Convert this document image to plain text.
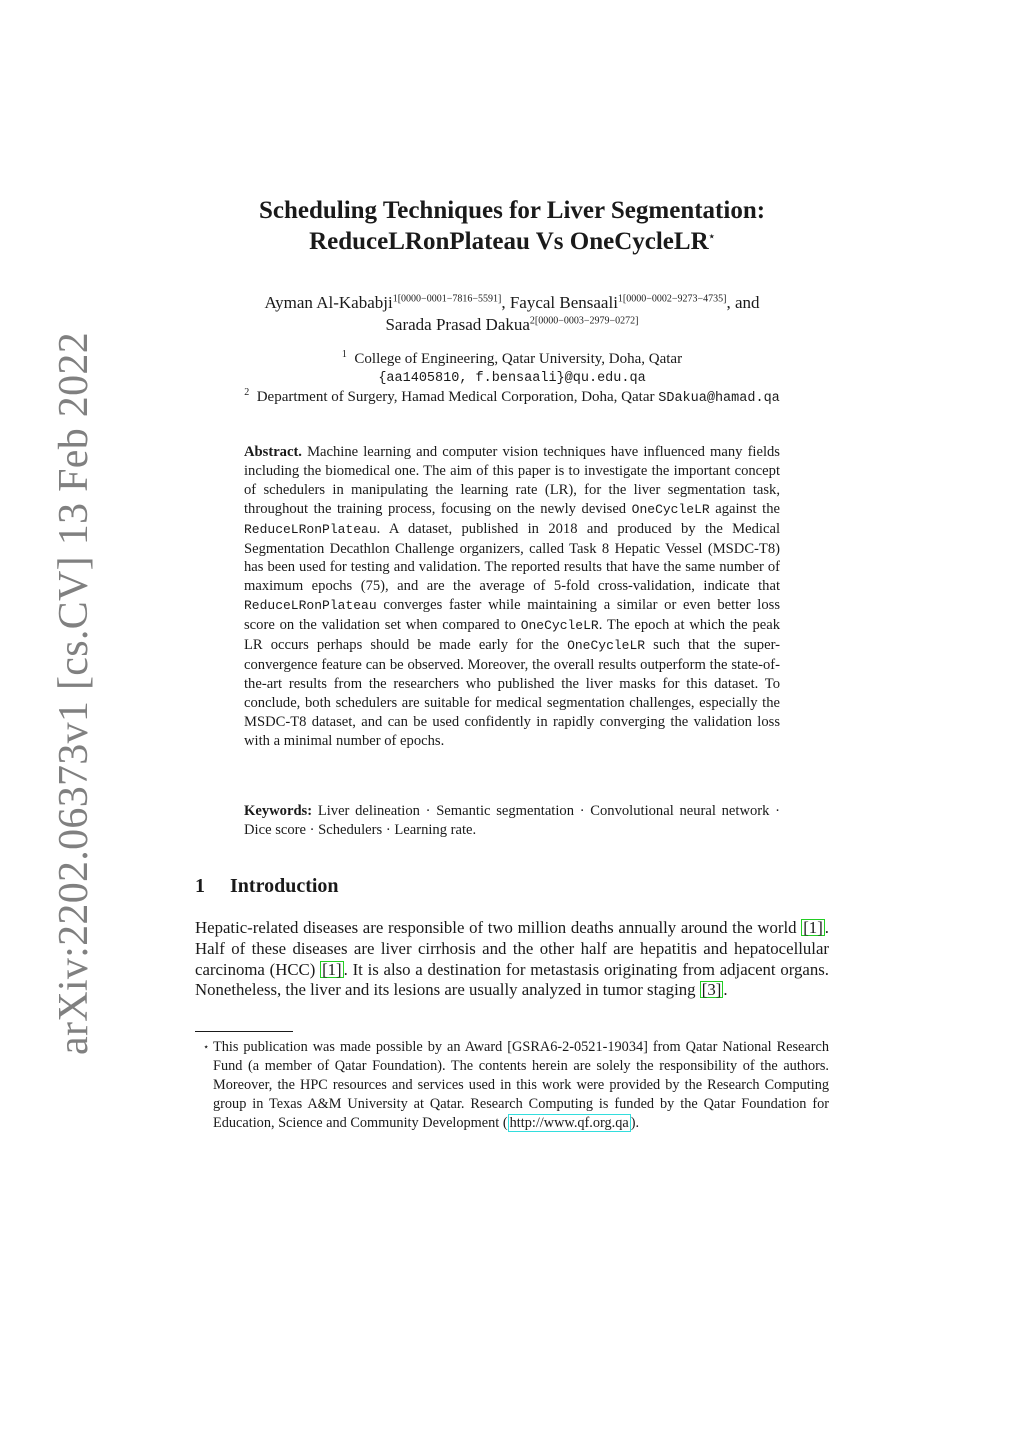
arXiv:2202.06373v1 [cs.CV] 13 Feb 2022
Scheduling Techniques for Liver Segmentation:
ReduceLRonPlateau Vs OneCycleLR⋆
Ayman Al-Kababji$^{1[0000-0001-7816-5591]}$, Faycal Bensaali$^{1[0000-0002-9273-4735]}$, and
Sarada Prasad Dakua$^{2[0000-0003-2979-0272]}$
$^1$ College of Engineering, Qatar University, Doha, Qatar
{aa1405810, f.bensaali}@qu.edu.qa
$^2$ Department of Surgery, Hamad Medical Corporation, Doha, Qatar SDakua@hamad.qa
Abstract. Machine learning and computer vision techniques have influenced many fields including the biomedical one. The aim of this paper is to investigate the important concept of schedulers in manipulating the learning rate (LR), for the liver segmentation task, throughout the training process, focusing on the newly devised OneCycleLR against the ReduceLRonPlateau. A dataset, published in 2018 and produced by the Medical Segmentation Decathlon Challenge organizers, called Task 8 Hepatic Vessel (MSDC-T8) has been used for testing and validation. The reported results that have the same number of maximum epochs (75), and are the average of 5-fold cross-validation, indicate that ReduceLRonPlateau converges faster while maintaining a similar or even better loss score on the validation set when compared to OneCycleLR. The epoch at which the peak LR occurs perhaps should be made early for the OneCycleLR such that the super-convergence feature can be observed. Moreover, the overall results outperform the state-of-the-art results from the researchers who published the liver masks for this dataset. To conclude, both schedulers are suitable for medical segmentation challenges, especially the MSDC-T8 dataset, and can be used confidently in rapidly converging the validation loss with a minimal number of epochs.
Keywords: Liver delineation · Semantic segmentation · Convolutional neural network · Dice score · Schedulers · Learning rate.
1 Introduction
Hepatic-related diseases are responsible of two million deaths annually around the world [1] . Half of these diseases are liver cirrhosis and the other half are hepatitis and hepatocellular carcinoma (HCC) [1] . It is also a destination for metastasis originating from adjacent organs. Nonetheless, the liver and its lesions are usually analyzed in tumor staging [3] .
⋆ This publication was made possible by an Award [GSRA6-2-0521-19034] from Qatar National Research Fund (a member of Qatar Foundation). The contents herein are solely the responsibility of the authors. Moreover, the HPC resources and services used in this work were provided by the Research Computing group in Texas A&M University at Qatar. Research Computing is funded by the Qatar Foundation for Education, Science and Community Development ( http://www.qf.org.qa ).
